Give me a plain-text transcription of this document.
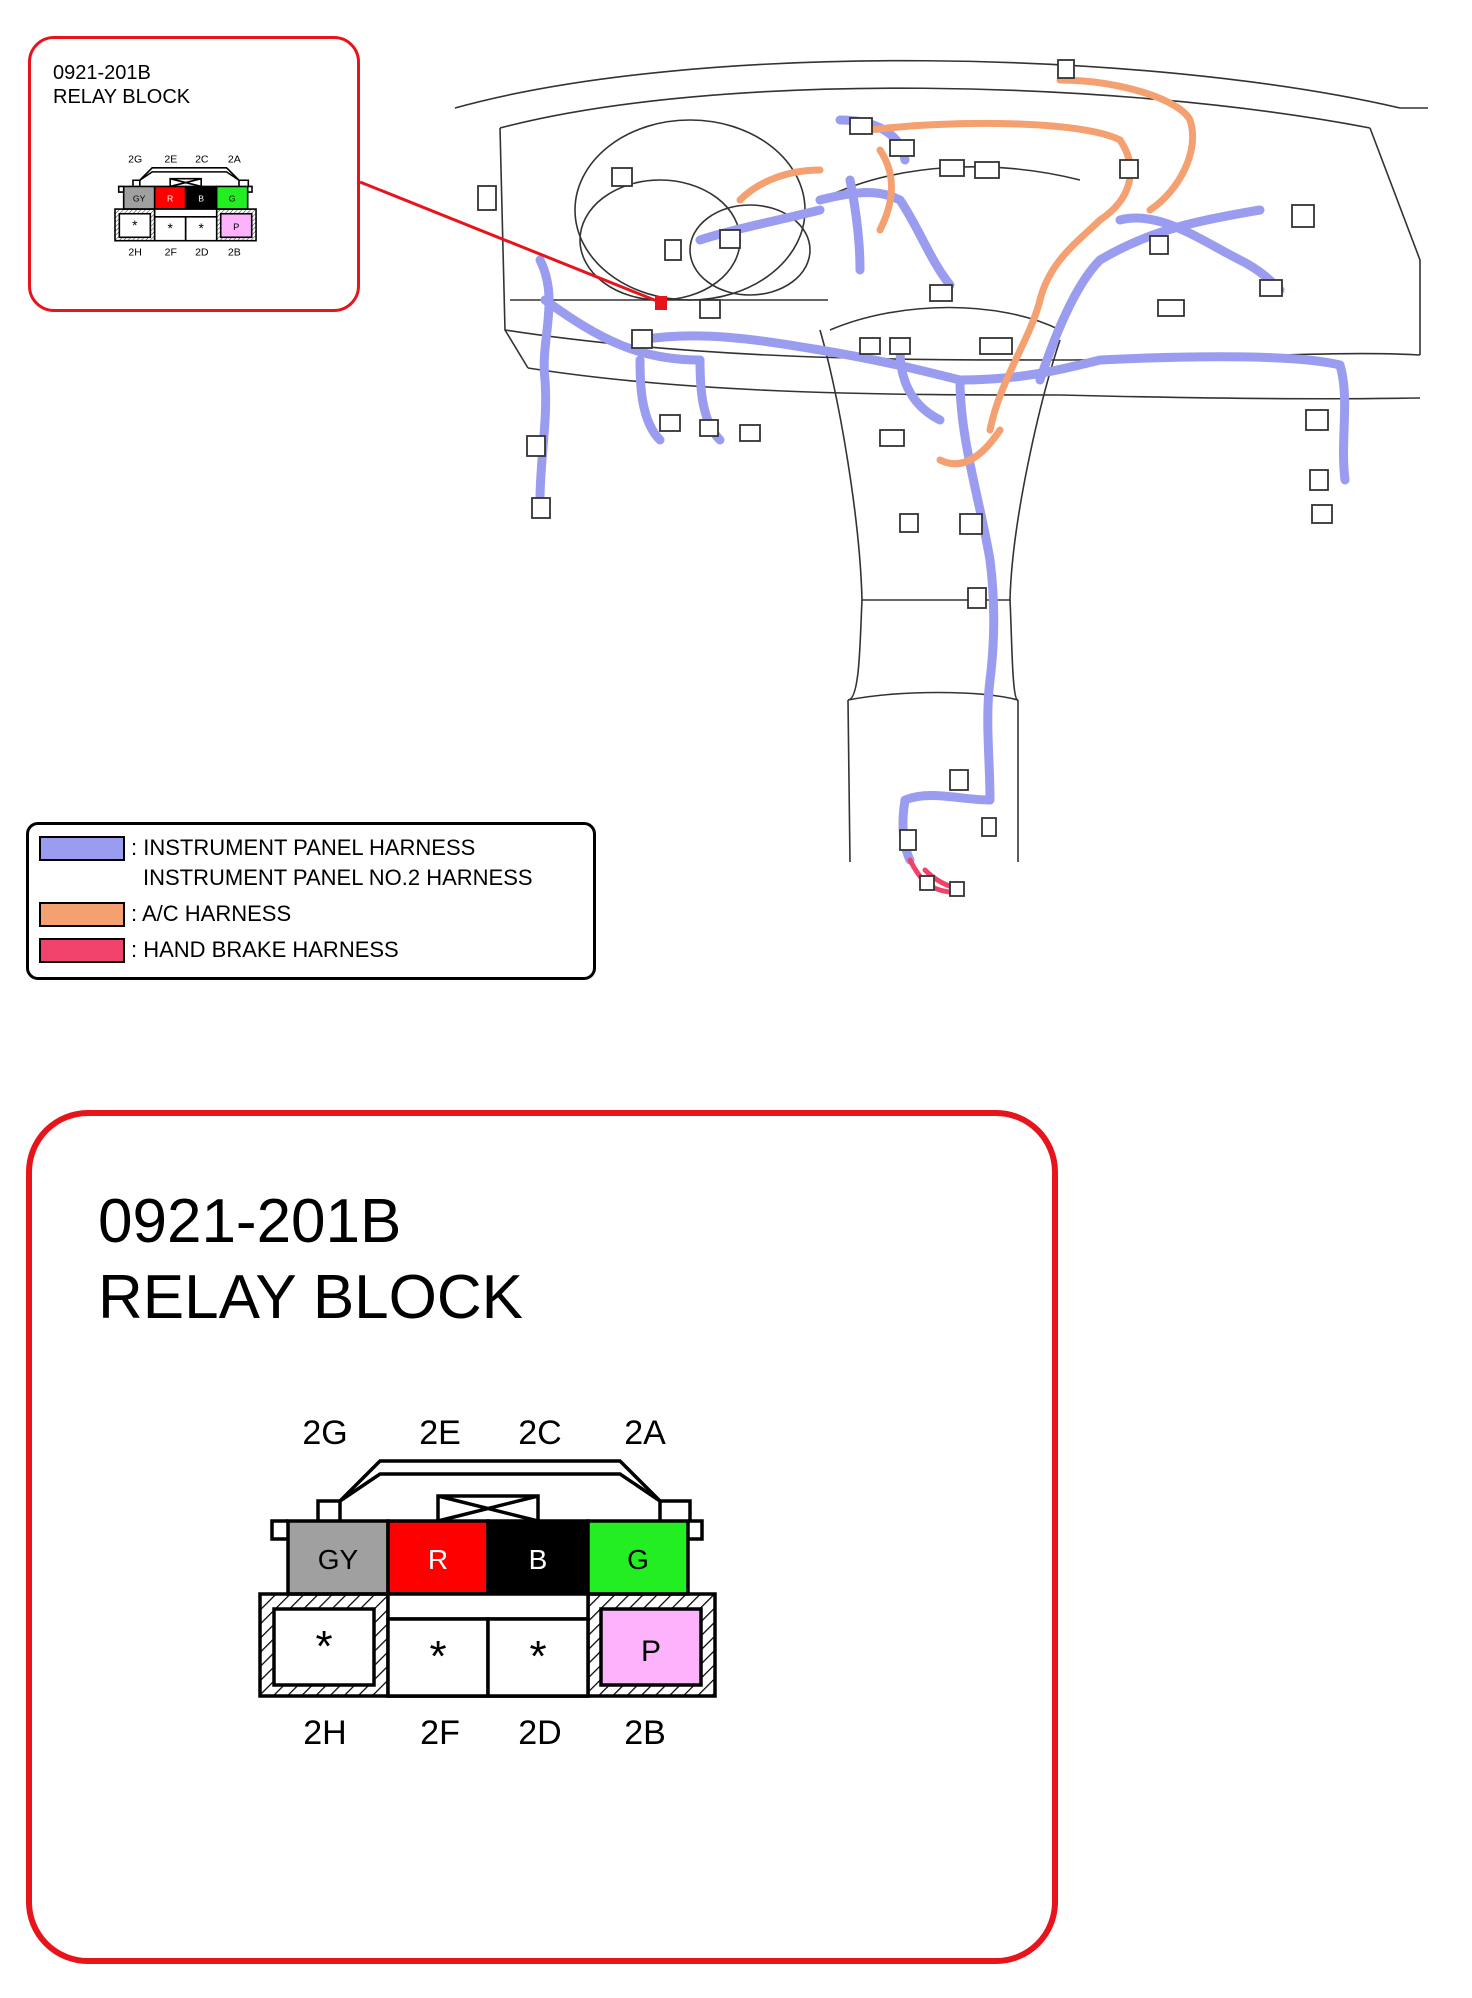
0921-201B
RELAY BLOCK
GY R	B	G
* * *	P
2G 2E 2C 2A
2H 2F 2D 2B
: INSTRUMENT PANEL HARNESS
INSTRUMENT PANEL NO.2 HARNESS
: A/C HARNESS
: HAND BRAKE HARNESS
0921-201B
RELAY BLOCK
GY R	B	G
* * *	P
2G 2E 2C 2A
2H 2F 2D 2B
